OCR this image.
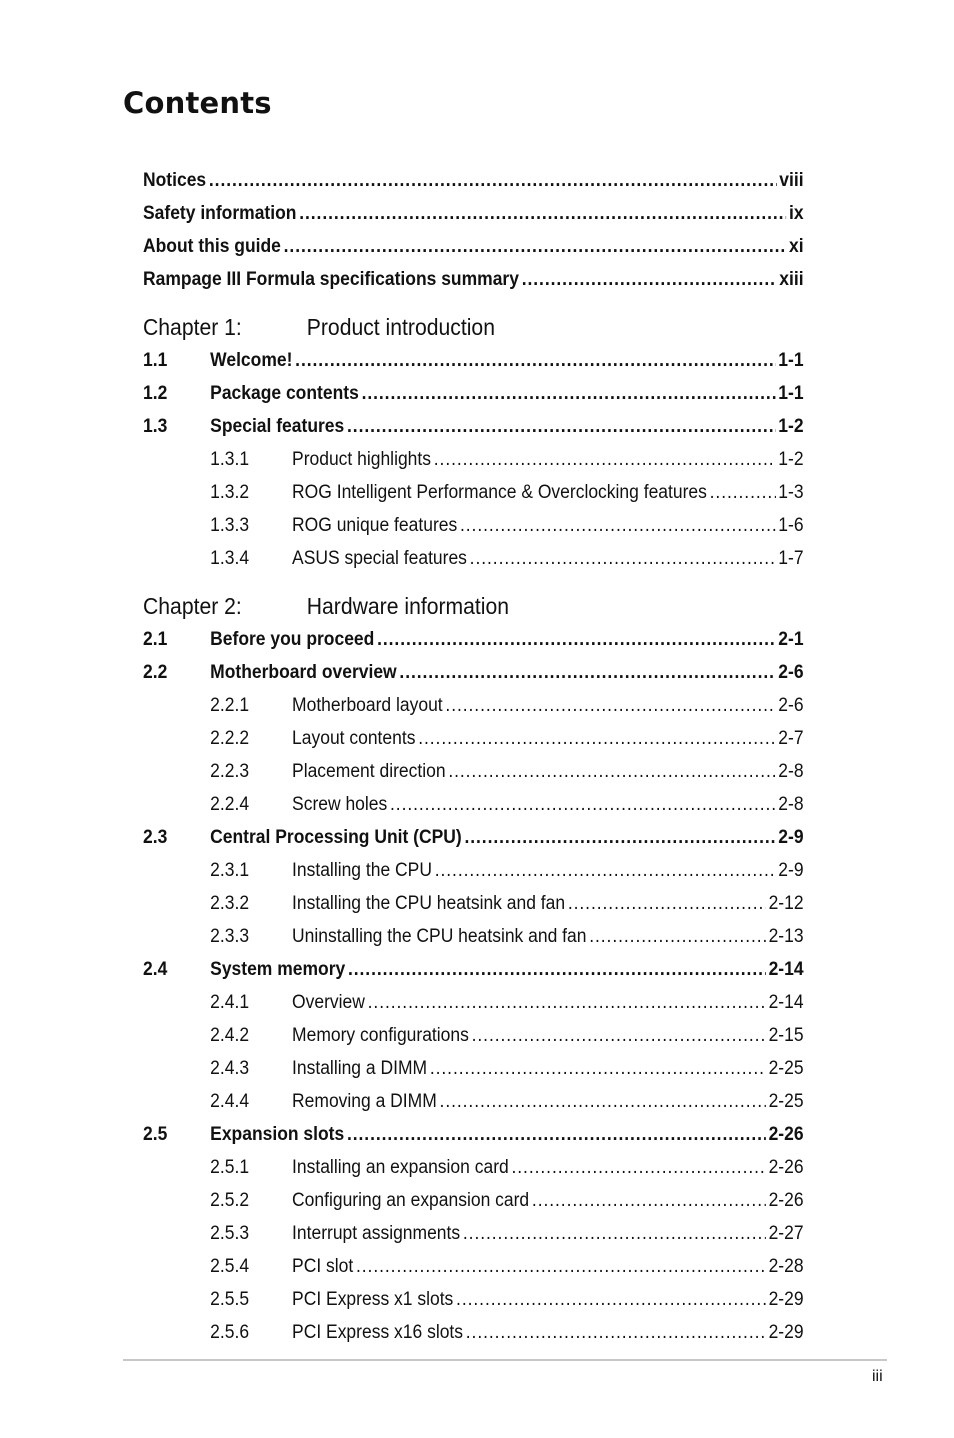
Contents
Notices .....	viii
Safety information .....	ix
About this guide .....	xi
Rampage III Formula specifications summary .....	xiii
Chapter 1:	Product introduction
1.1	Welcome! .....	1-1
1.2	Package contents .....	1-1
1.3	Special features .....	1-2
1.3.1	Product highlights .....	1-2
1.3.2	ROG Intelligent Performance & Overclocking features .....	1-3
1.3.3	ROG unique features .....	1-6
1.3.4	ASUS special features .....	1-7
Chapter 2:	Hardware information
2.1	Before you proceed .....	2-1
2.2	Motherboard overview .....	2-6
2.2.1	Motherboard layout .....	2-6
2.2.2	Layout contents .....	2-7
2.2.3	Placement direction .....	2-8
2.2.4	Screw holes .....	2-8
2.3	Central Processing Unit (CPU) .....	2-9
2.3.1	Installing the CPU .....	2-9
2.3.2	Installing the CPU heatsink and fan .....	2-12
2.3.3	Uninstalling the CPU heatsink and fan .....	2-13
2.4	System memory .....	2-14
2.4.1	Overview .....	2-14
2.4.2	Memory configurations .....	2-15
2.4.3	Installing a DIMM .....	2-25
2.4.4	Removing a DIMM .....	2-25
2.5	Expansion slots .....	2-26
2.5.1	Installing an expansion card .....	2-26
2.5.2	Configuring an expansion card .....	2-26
2.5.3	Interrupt assignments .....	2-27
2.5.4	PCI slot .....	2-28
2.5.5	PCI Express x1 slots .....	2-29
2.5.6	PCI Express x16 slots .....	2-29
iii
